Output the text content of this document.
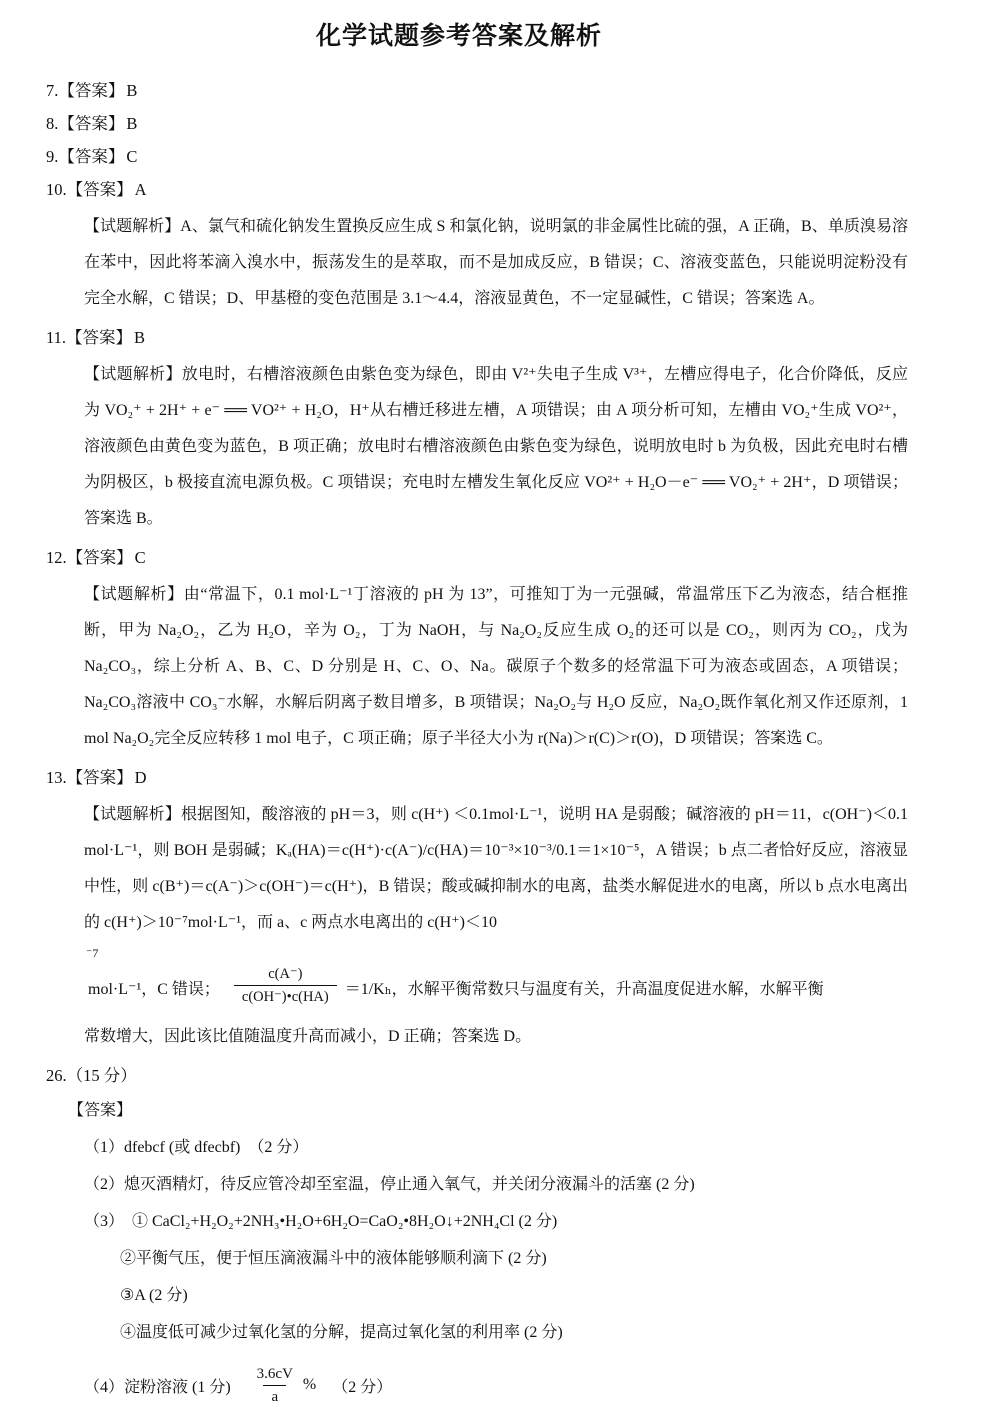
化学试题参考答案及解析
7.【答案】 B
8.【答案】 B
9.【答案】 C
10.【答案】 A
【试题解析】A、氯气和硫化钠发生置换反应生成 S 和氯化钠，说明氯的非金属性比硫的强，A 正确，B、单质溴易溶在苯中，因此将苯滴入溴水中，振荡发生的是萃取，而不是加成反应，B 错误；C、溶液变蓝色，只能说明淀粉没有完全水解，C 错误；D、甲基橙的变色范围是 3.1～4.4，溶液显黄色，不一定显碱性，C 错误；答案选 A。
11.【答案】 B
【试题解析】放电时，右槽溶液颜色由紫色变为绿色，即由 V²⁺失电子生成 V³⁺，左槽应得电子，化合价降低，反应为 VO₂⁺ + 2H⁺ + e⁻ ══ VO²⁺ + H₂O，H⁺从右槽迁移进左槽，A 项错误；由 A 项分析可知，左槽由 VO₂⁺生成 VO²⁺，溶液颜色由黄色变为蓝色，B 项正确；放电时右槽溶液颜色由紫色变为绿色，说明放电时 b 为负极，因此充电时右槽为阴极区，b 极接直流电源负极。C 项错误；充电时左槽发生氧化反应 VO²⁺ + H₂O－e⁻ ══ VO₂⁺ + 2H⁺，D 项错误；答案选 B。
12.【答案】 C
【试题解析】由“常温下，0.1 mol·L⁻¹丁溶液的 pH 为 13”，可推知丁为一元强碱，常温常压下乙为液态，结合框推断，甲为 Na₂O₂，乙为 H₂O，辛为 O₂，丁为 NaOH，与 Na₂O₂反应生成 O₂的还可以是 CO₂，则丙为 CO₂，戊为 Na₂CO₃，综上分析 A、B、C、D 分别是 H、C、O、Na。碳原子个数多的烃常温下可为液态或固态，A 项错误；Na₂CO₃溶液中 CO₃⁻水解，水解后阴离子数目增多，B 项错误；Na₂O₂与 H₂O 反应，Na₂O₂既作氧化剂又作还原剂，1 mol Na₂O₂完全反应转移 1 mol 电子，C 项正确；原子半径大小为 r(Na)＞r(C)＞r(O)，D 项错误；答案选 C。
13.【答案】 D
【试题解析】根据图知，酸溶液的 pH＝3，则 c(H⁺) ＜0.1mol·L⁻¹，说明 HA 是弱酸；碱溶液的 pH＝11，c(OH⁻)＜0.1 mol·L⁻¹，则 BOH 是弱碱；Kₐ(HA)＝c(H⁺)·c(A⁻)/c(HA)＝10⁻³×10⁻³/0.1＝1×10⁻⁵，A 错误；b 点二者恰好反应，溶液显中性，则 c(B⁺)＝c(A⁻)＞c(OH⁻)＝c(H⁺)，B 错误；酸或碱抑制水的电离，盐类水解促进水的电离，所以 b 点水电离出的 c(H⁺)＞10⁻⁷mol·L⁻¹，而 a、c 两点水电离出的 c(H⁺)＜10
⁻7
mol·L⁻¹，C 错误； $\frac{c(A^-)}{c(OH^-)•c(HA)} =1/K_h$，水解平衡常数只与温度有关，升高温度促进水解，水解平衡
常数增大，因此该比值随温度升高而减小，D 正确；答案选 D。
26.（15 分）
【答案】
（1）dfebcf (或 dfecbf)　（2 分）
（2）熄灭酒精灯，待反应管冷却至室温，停止通入氧气，并关闭分液漏斗的活塞 (2 分)
（3）　① CaCl₂+H₂O₂+2NH₃•H₂O+6H₂O=CaO₂•8H₂O↓+2NH₄Cl (2 分)
②平衡气压，便于恒压滴液漏斗中的液体能够顺利滴下 (2 分)
③A (2 分)
④温度低可减少过氧化氢的分解，提高过氧化氢的利用率 (2 分)
（4）淀粉溶液 (1 分) $\frac{3.6cV}{a}$ % （2 分）
